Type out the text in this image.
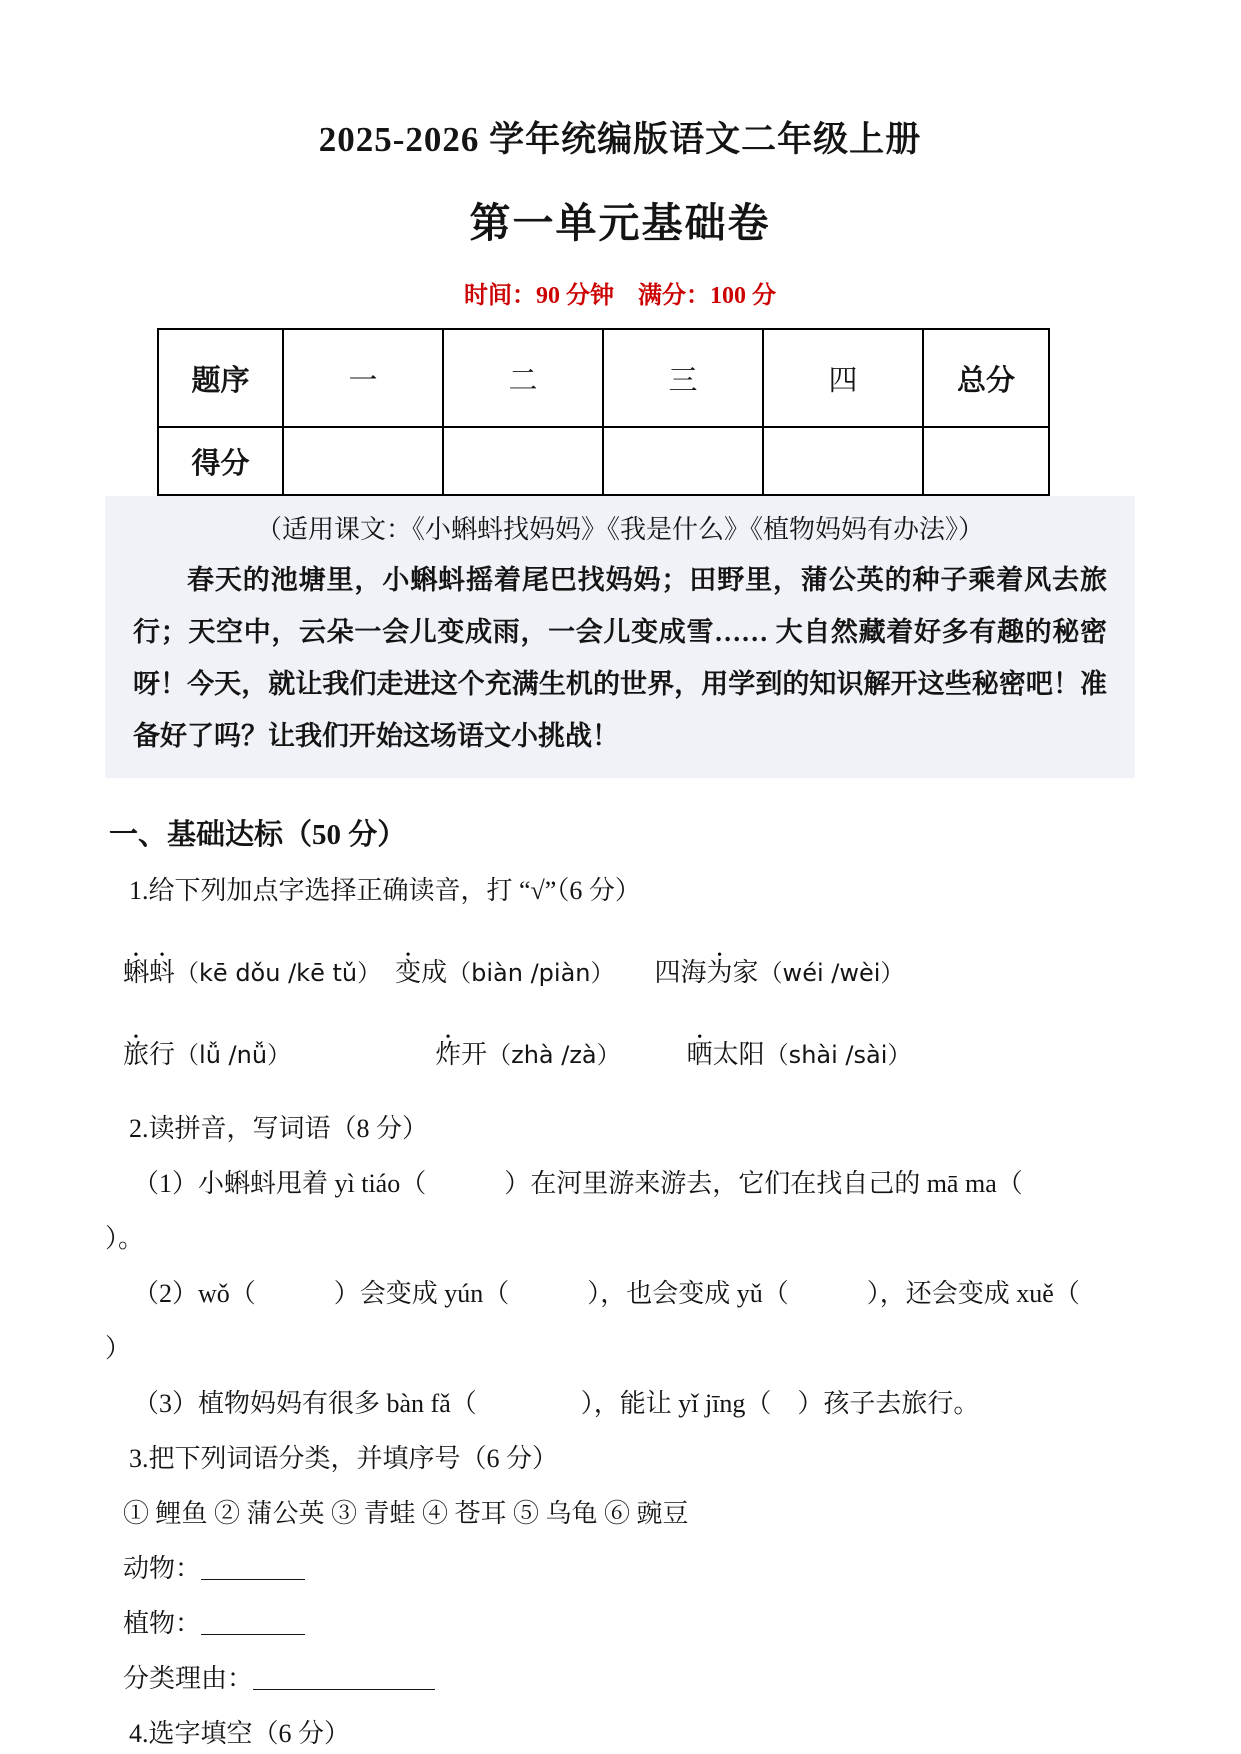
2025-2026 学年统编版语文二年级上册
第一单元基础卷
时间：90 分钟　满分：100 分
题序	一	二	三	四	总分
得分					
（适用课文：《小蝌蚪找妈妈》《我是什么》《植物妈妈有办法》）
春天的池塘里，小蝌蚪摇着尾巴找妈妈；田野里，蒲公英的种子乘着风去旅行；天空中，云朵一会儿变成雨，一会儿变成雪…… 大自然藏着好多有趣的秘密呀！今天，就让我们走进这个充满生机的世界，用学到的知识解开这些秘密吧！准备好了吗？让我们开始这场语文小挑战！
一、基础达标（50 分）
1.给下列加点字选择正确读音，打 “√”（6 分）
蝌蚪（kē dǒu /kē tǔ）　 变成（biàn /piàn）　　 四海为家（wéi /wèi）
旅行（lǚ /nǚ）　　　　　　	炸开（zhà /zà）　　　	晒太阳（shài /sài）
2.读拼音，写词语（8 分）
（1）小蝌蚪甩着 yì tiáo（　　　）在河里游来游去，它们在找自己的 mā ma（
）。
（2）wǒ（　　　）会变成 yún（　　　），也会变成 yǔ（　　　），还会变成 xuě（
）
（3）植物妈妈有很多 bàn fǎ（　　　　），能让 yǐ jīng（　）孩子去旅行。
3.把下列词语分类，并填序号（6 分）
① 鲤鱼 ② 蒲公英 ③ 青蛙 ④ 苍耳 ⑤ 乌龟 ⑥ 豌豆
动物：＿＿＿＿
植物：＿＿＿＿
分类理由：＿＿＿＿＿＿＿
4.选字填空（6 分）
